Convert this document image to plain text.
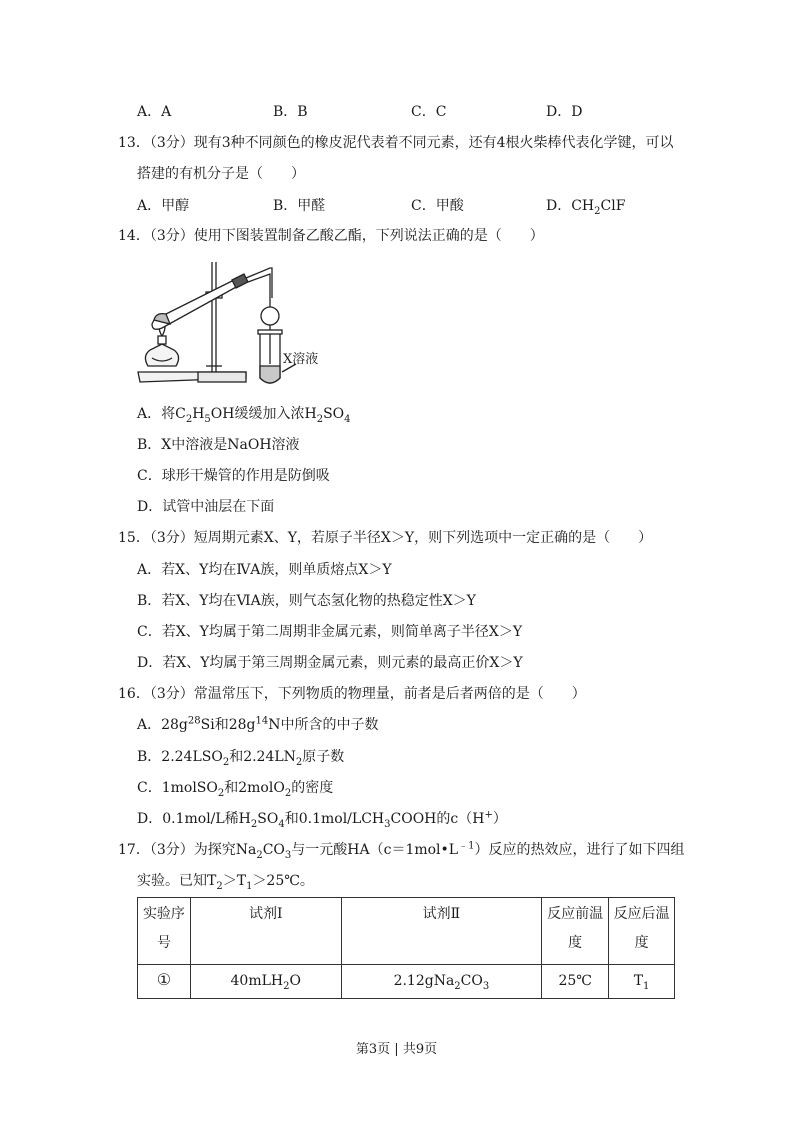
A．A	B．B	C．C	D．D
13．（3分）现有3种不同颜色的橡皮泥代表着不同元素，还有4根火柴棒代表化学键，可以
搭建的有机分子是（　　）
A．甲醇	B．甲醛	C．甲酸	D．$CH_2ClF$
14．（3分）使用下图装置制备乙酸乙酯，下列说法正确的是（　　）
X溶液
A．将$C_2H_5OH$缓缓加入浓$H_2SO_4$
B．X中溶液是NaOH溶液
C．球形干燥管的作用是防倒吸
D．试管中油层在下面
15．（3分）短周期元素X、Y，若原子半径X＞Y，则下列选项中一定正确的是（　　）
A．若X、Y均在ⅣA族，则单质熔点X＞Y
B．若X、Y均在ⅥA族，则气态氢化物的热稳定性X＞Y
C．若X、Y均属于第二周期非金属元素，则简单离子半径X＞Y
D．若X、Y均属于第三周期金属元素，则元素的最高正价X＞Y
16．（3分）常温常压下，下列物质的物理量，前者是后者两倍的是（　　）
A．$28g^{28}Si$和$28g^{14}N$中所含的中子数
B．$2.24LSO_2$和$2.24LN_2$原子数
C．1molSO$_2$和2molO$_2$的密度
D．0.1mol/L稀$H_2SO_4$和$0.1mol/LCH_3COOH$的c（H+）
17．（3分）为探究$Na_2CO_3$与一元酸$HA(c=1mol•L^{﹣1})$反应的热效应，进行了如下四组
实验。已知$T_2>T_1>25℃$。
实验序号	试剂Ⅰ	试剂Ⅱ	反应前温度	反应后温度
①	40mLH$_2$O	$2.12gNa_2CO_3$	25℃	$T_1$
第3页 | 共9页
